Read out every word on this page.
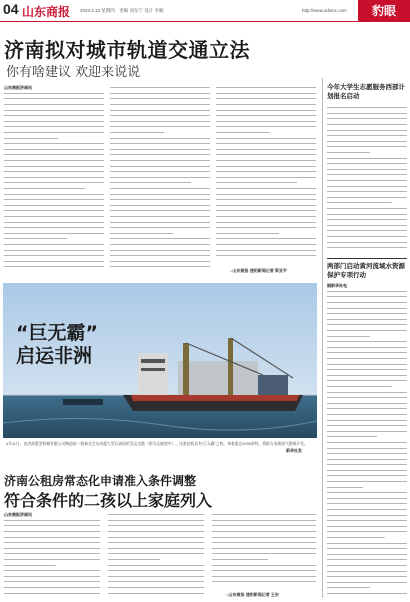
04 山东商报 2023.4.13 星期四　 责编 刘东宁 设计 李楠	http://www.sdsmc.com	豹眼
济南拟对城市轨道交通立法
你有啥建议 欢迎来说说
山东商报济南讯
○山东商报·速豹新闻记者 梁亚平
“巨无霸”
启运非洲
4月11日，由济南重型机械有限公司制造的一套新式全自动超大型石油钻机发运出港（图为运输途中）。这套钻机具有“巨无霸”之称，单套重达1000余吨，将助力非洲油气勘探开发。
新华社发
济南公租房常态化申请准入条件调整
符合条件的二孩以上家庭列入
山东商报济南讯
○山东商报·速豹新闻记者 王东
今年大学生志愿服务西部计划报名启动
两部门启动黄河流域水资源保护专项行动
据新华社电
